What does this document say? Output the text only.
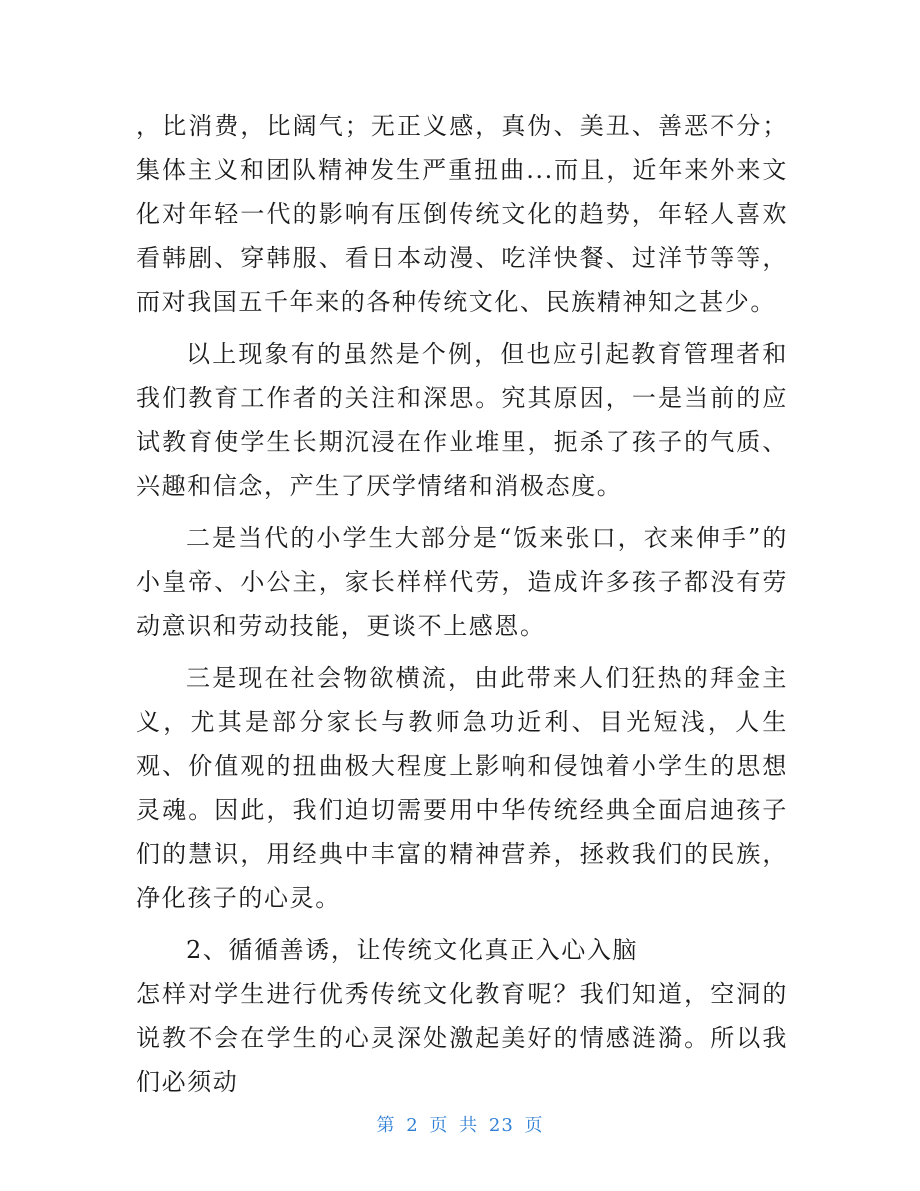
，比消费，比阔气；无正义感，真伪、美丑、善恶不分；集体主义和团队精神发生严重扭曲...而且，近年来外来文化对年轻一代的影响有压倒传统文化的趋势，年轻人喜欢看韩剧、穿韩服、看日本动漫、吃洋快餐、过洋节等等，而对我国五千年来的各种传统文化、民族精神知之甚少。

以上现象有的虽然是个例，但也应引起教育管理者和我们教育工作者的关注和深思。究其原因，一是当前的应试教育使学生长期沉浸在作业堆里，扼杀了孩子的气质、兴趣和信念，产生了厌学情绪和消极态度。

二是当代的小学生大部分是“饭来张口，衣来伸手”的小皇帝、小公主，家长样样代劳，造成许多孩子都没有劳动意识和劳动技能，更谈不上感恩。

三是现在社会物欲横流，由此带来人们狂热的拜金主义，尤其是部分家长与教师急功近利、目光短浅，人生观、价值观的扭曲极大程度上影响和侵蚀着小学生的思想灵魂。因此，我们迫切需要用中华传统经典全面启迪孩子们的慧识，用经典中丰富的精神营养，拯救我们的民族，净化孩子的心灵。

2、循循善诱，让传统文化真正入心入脑

怎样对学生进行优秀传统文化教育呢？我们知道，空洞的说教不会在学生的心灵深处激起美好的情感涟漪。所以我们必须动

第 2 页 共 23 页
